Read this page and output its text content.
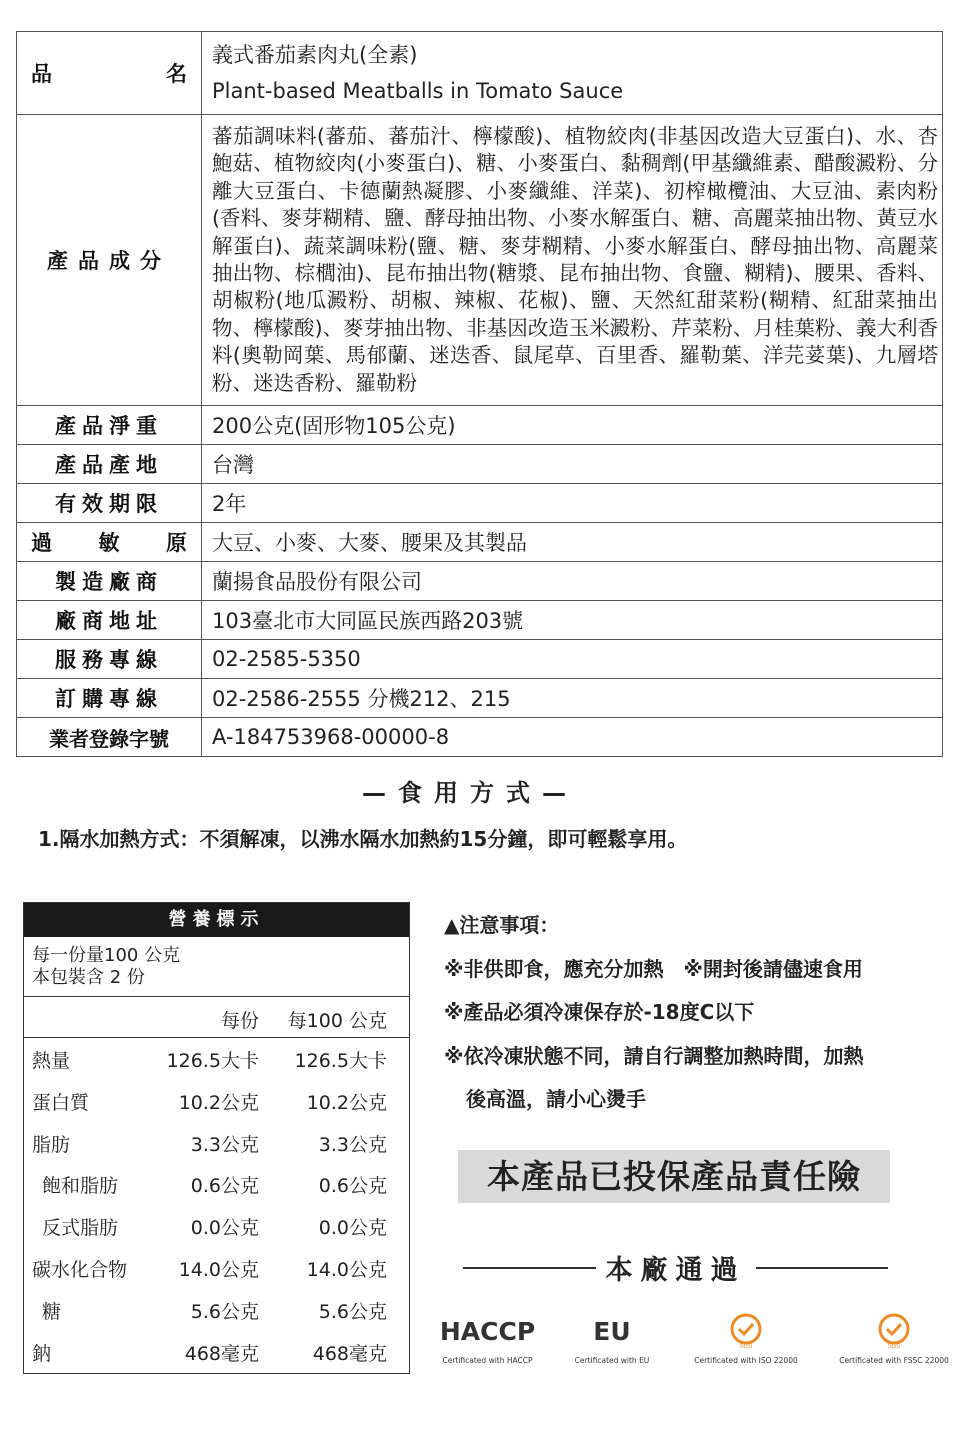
品　名	義式番茄素肉丸(全素)
Plant-based Meatballs in Tomato Sauce

產品成分	蕃茄調味料(蕃茄、蕃茄汁、檸檬酸)、植物絞肉(非基因改造大豆蛋白)、水、杏鮑菇、植物絞肉(小麥蛋白)、糖、小麥蛋白、黏稠劑(甲基纖維素、醋酸澱粉、分離大豆蛋白、卡德蘭熱凝膠、小麥纖維、洋菜)、初榨橄欖油、大豆油、素肉粉(香料、麥芽糊精、鹽、酵母抽出物、小麥水解蛋白、糖、高麗菜抽出物、黃豆水解蛋白)、蔬菜調味粉(鹽、糖、麥芽糊精、小麥水解蛋白、酵母抽出物、高麗菜抽出物、棕櫚油)、昆布抽出物(糖漿、昆布抽出物、食鹽、糊精)、腰果、香料、胡椒粉(地瓜澱粉、胡椒、辣椒、花椒)、鹽、天然紅甜菜粉(糊精、紅甜菜抽出物、檸檬酸)、麥芽抽出物、非基因改造玉米澱粉、芹菜粉、月桂葉粉、義大利香料(奧勒岡葉、馬郁蘭、迷迭香、鼠尾草、百里香、羅勒葉、洋芫荽葉)、九層塔粉、迷迭香粉、羅勒粉
產品淨重	200公克(固形物105公克)
產品產地	台灣
有效期限	2年
過敏原	大豆、小麥、大麥、腰果及其製品
製造廠商	蘭揚食品股份有限公司
廠商地址	103臺北市大同區民族西路203號
服務專線	02-2585-5350
訂購專線	02-2586-2555 分機212、215
業者登錄字號	A-184753968-00000-8
—食用方式—
1.隔水加熱方式：不須解凍，以沸水隔水加熱約15分鐘，即可輕鬆享用。
營養標示
每一份量100 公克
本包裝含 2 份
每份 每100 公克
熱量	126.5大卡 126.5大卡
蛋白質	10.2公克	10.2公克
脂肪	3.3公克	3.3公克
飽和脂肪	0.6公克	0.6公克
反式脂肪	0.0公克	0.0公克
碳水化合物	14.0公克	14.0公克
糖	5.6公克	5.6公克
鈉	468毫克	468毫克
▲注意事項：
※非供即食，應充分加熱　※開封後請儘速食用
※產品必須冷凍保存於-18度C以下
※依冷凍狀態不同，請自行調整加熱時間，加熱
後高溫，請小心燙手
本產品已投保產品責任險
本廠通過
HACCP
Certificated with HACCP
EU
Certificated with EU
SGS
Certificated with ISO 22000
SGS
Certificated with FSSC 22000
